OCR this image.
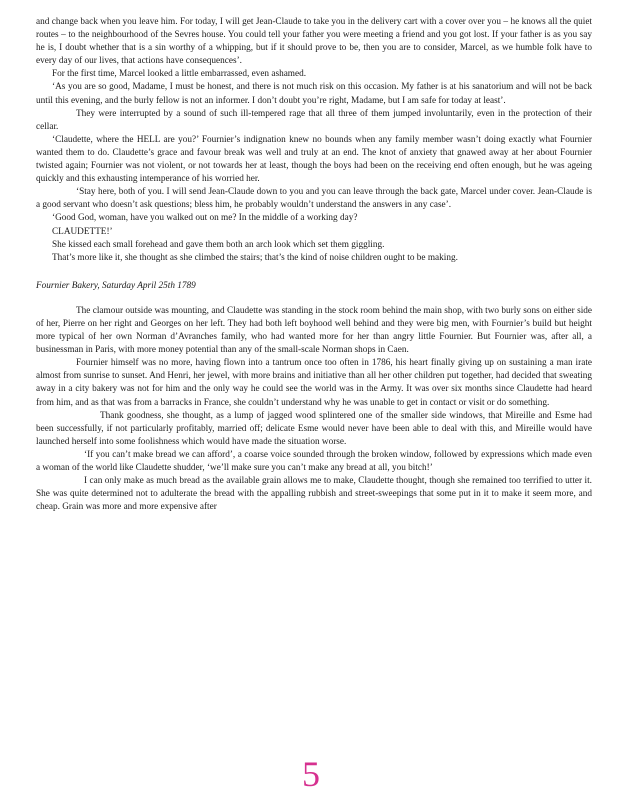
and change back when you leave him. For today, I will get Jean-Claude to take you in the delivery cart with a cover over you – he knows all the quiet routes – to the neighbourhood of the Sevres house. You could tell your father you were meeting a friend and you got lost. If your father is as you say he is, I doubt whether that is a sin worthy of a whipping, but if it should prove to be, then you are to consider, Marcel, as we humble folk have to every day of our lives, that actions have consequences’.

For the first time, Marcel looked a little embarrassed, even ashamed.

‘As you are so good, Madame, I must be honest, and there is not much risk on this occasion. My father is at his sanatorium and will not be back until this evening, and the burly fellow is not an informer. I don’t doubt you’re right, Madame, but I am safe for today at least’.

They were interrupted by a sound of such ill-tempered rage that all three of them jumped involuntarily, even in the protection of their cellar.

‘Claudette, where the HELL are you?’ Fournier’s indignation knew no bounds when any family member wasn’t doing exactly what Fournier wanted them to do. Claudette’s grace and favour break was well and truly at an end. The knot of anxiety that gnawed away at her about Fournier twisted again; Fournier was not violent, or not towards her at least, though the boys had been on the receiving end often enough, but he was ageing quickly and this exhausting intemperance of his worried her.

‘Stay here, both of you. I will send Jean-Claude down to you and you can leave through the back gate, Marcel under cover. Jean-Claude is a good servant who doesn’t ask questions; bless him, he probably wouldn’t understand the answers in any case’.

‘Good God, woman, have you walked out on me? In the middle of a working day?

CLAUDETTE!’

She kissed each small forehead and gave them both an arch look which set them giggling.

That’s more like it, she thought as she climbed the stairs; that’s the kind of noise children ought to be making.

Fournier Bakery, Saturday April 25th 1789

The clamour outside was mounting, and Claudette was standing in the stock room behind the main shop, with two burly sons on either side of her, Pierre on her right and Georges on her left. They had both left boyhood well behind and they were big men, with Fournier’s build but height more typical of her own Norman d’Avranches family, who had wanted more for her than angry little Fournier. But Fournier was, after all, a businessman in Paris, with more money potential than any of the small-scale Norman shops in Caen.

Fournier himself was no more, having flown into a tantrum once too often in 1786, his heart finally giving up on sustaining a man irate almost from sunrise to sunset. And Henri, her jewel, with more brains and initiative than all her other children put together, had decided that sweating away in a city bakery was not for him and the only way he could see the world was in the Army. It was over six months since Claudette had heard from him, and as that was from a barracks in France, she couldn’t understand why he was unable to get in contact or visit or do something.

Thank goodness, she thought, as a lump of jagged wood splintered one of the smaller side windows, that Mireille and Esme had been successfully, if not particularly profitably, married off; delicate Esme would never have been able to deal with this, and Mireille would have launched herself into some foolishness which would have made the situation worse.

‘If you can’t make bread we can afford’, a coarse voice sounded through the broken window, followed by expressions which made even a woman of the world like Claudette shudder, ‘we’ll make sure you can’t make any bread at all, you bitch!’

I can only make as much bread as the available grain allows me to make, Claudette thought, though she remained too terrified to utter it. She was quite determined not to adulterate the bread with the appalling rubbish and street-sweepings that some put in it to make it seem more, and cheap. Grain was more and more expensive after

5
